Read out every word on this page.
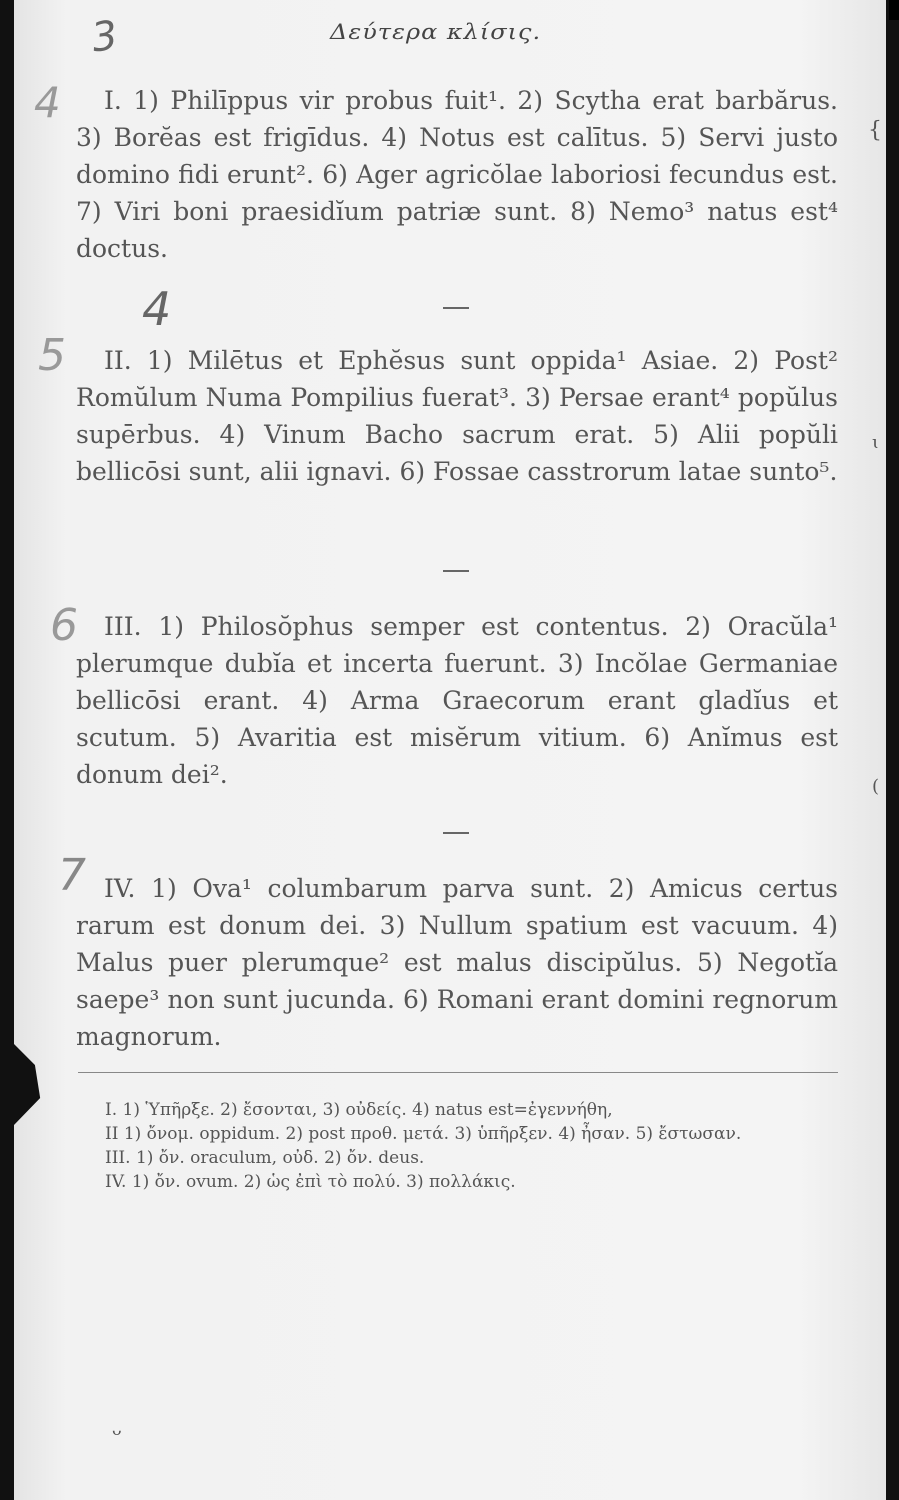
Δεύτερα κλίσις.
3
4
4
5
6
7
{
ɩ
(

I. 1) Philīppus vir probus fuit¹. 2) Scytha erat barbărus. 3) Borĕas est frigīdus. 4) Notus est calītus. 5) Servi justo domino fidi erunt². 6) Ager agricŏlae laboriosi fecundus est. 7) Viri boni praesidĭum patriæ sunt. 8) Nemo³ natus est⁴ doctus.

II. 1) Milētus et Ephĕsus sunt oppida¹ Asiae. 2) Post² Romŭlum Numa Pompilius fuerat³. 3) Persae erant⁴ popŭlus supērbus. 4) Vinum Bacho sacrum erat. 5) Alii popŭli bellicōsi sunt, alii ignavi. 6) Fossae casstrorum latae sunto⁵.

III. 1) Philosŏphus semper est contentus. 2) Oracŭla¹ plerumque dubĭa et incerta fuerunt. 3) Incŏlae Germaniae bellicōsi erant. 4) Arma Graecorum erant gladĭus et scutum. 5) Avaritia est misĕrum vitium. 6) Anĭmus est donum dei².

IV. 1) Ova¹ columbarum parva sunt. 2) Amicus certus rarum est donum dei. 3) Nullum spatium est vacuum. 4) Malus puer plerumque² est malus discipŭlus. 5) Negotĭa saepe³ non sunt jucunda. 6) Romani erant domini regnorum magnorum.

I. 1) Ὑπῆρξε. 2) ἔσονται, 3) οὐδείς. 4) natus est=ἐγεννήθη,
II 1) ὄνομ. oppidum. 2) post προθ. μετά. 3) ὑπῆρξεν. 4) ἦσαν. 5) ἔστωσαν.
III. 1) ὄν. oraculum, οὐδ. 2) ὄν. deus.
IV. 1) ὄν. ovum. 2) ὡς ἐπὶ τὸ πολύ. 3) πολλάκις.
ᴗ
